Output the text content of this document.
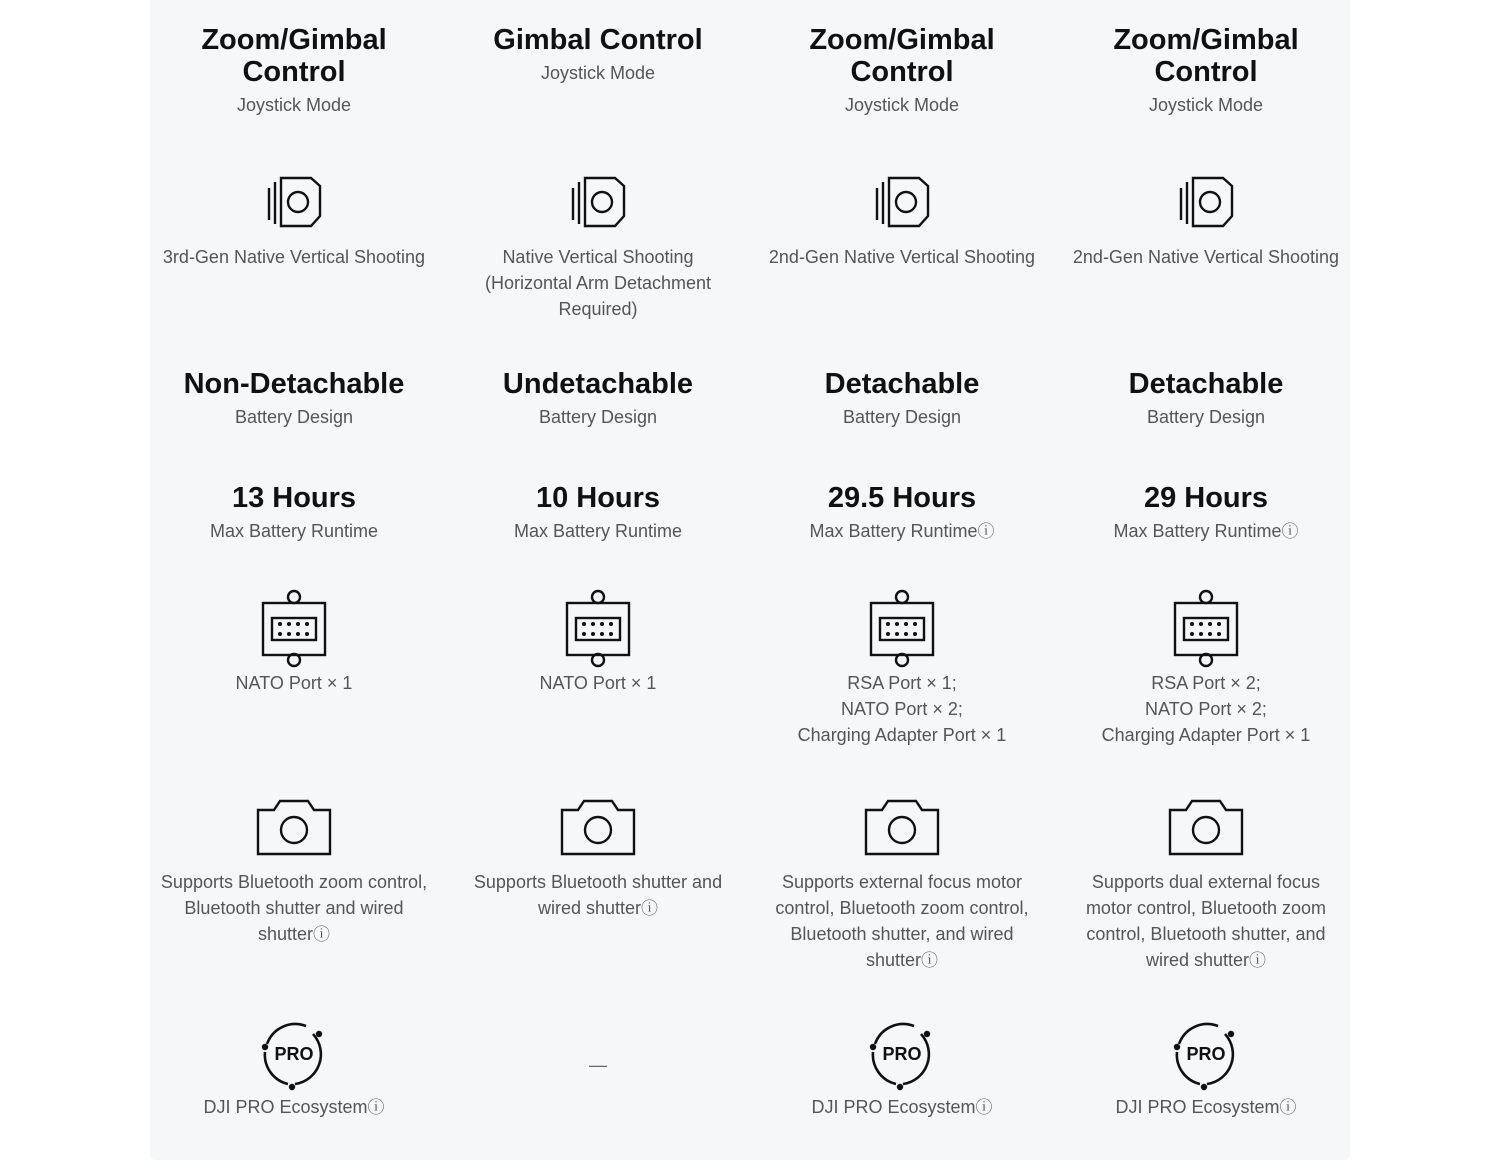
Zoom/Gimbal Control
Joystick Mode
3rd-Gen Native Vertical Shooting
Non-Detachable
Battery Design
13 Hours
Max Battery Runtime
NATO Port × 1
Supports Bluetooth zoom control, Bluetooth shutter and wired shutterⓘ
PRO
DJI PRO Ecosystemⓘ
Gimbal Control
Joystick Mode
Native Vertical Shooting (Horizontal Arm Detachment Required)
Undetachable
Battery Design
10 Hours
Max Battery Runtime
NATO Port × 1
Supports Bluetooth shutter and wired shutterⓘ
—
Zoom/Gimbal Control
Joystick Mode
2nd-Gen Native Vertical Shooting
Detachable
Battery Design
29.5 Hours
Max Battery Runtimeⓘ
RSA Port × 1;
NATO Port × 2;
Charging Adapter Port × 1
Supports external focus motor control, Bluetooth zoom control, Bluetooth shutter, and wired shutterⓘ
PRO
DJI PRO Ecosystemⓘ
Zoom/Gimbal Control
Joystick Mode
2nd-Gen Native Vertical Shooting
Detachable
Battery Design
29 Hours
Max Battery Runtimeⓘ
RSA Port × 2;
NATO Port × 2;
Charging Adapter Port × 1
Supports dual external focus motor control, Bluetooth zoom control, Bluetooth shutter, and wired shutterⓘ
PRO
DJI PRO Ecosystemⓘ
